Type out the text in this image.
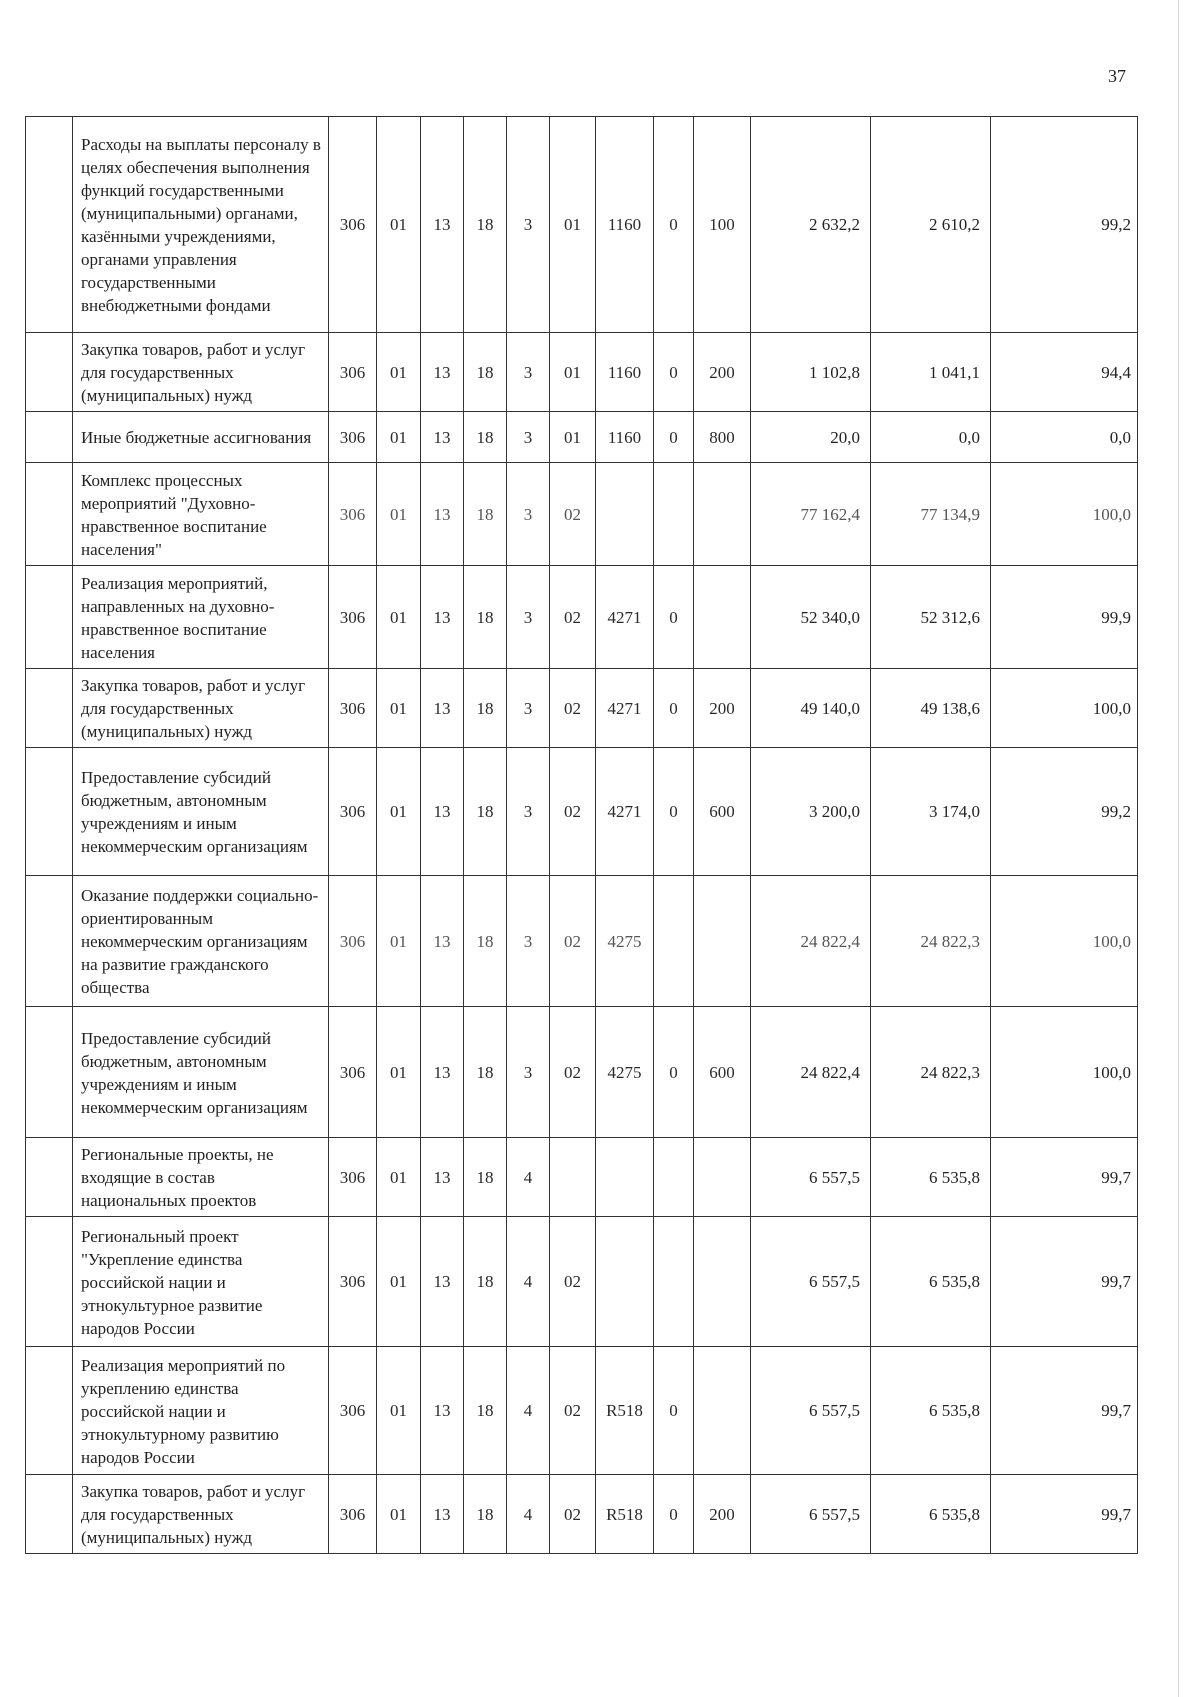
37
	Расходы на выплаты персоналу в целях обеспечения выполнения функций государственными (муниципальными) органами, казёнными учреждениями, органами управления государственными внебюджетными фондами	306	01	13	18	3	01	1160	0	100	2 632,2	2 610,2	99,2
	Закупка товаров, работ и услуг для государственных (муниципальных) нужд	306	01	13	18	3	01	1160	0	200	1 102,8	1 041,1	94,4
	Иные бюджетные ассигнования	306	01	13	18	3	01	1160	0	800	20,0	0,0	0,0
	Комплекс процессных мероприятий "Духовно-нравственное воспитание населения"	306	01	13	18	3	02				77 162,4	77 134,9	100,0
	Реализация мероприятий, направленных на духовно-нравственное воспитание населения	306	01	13	18	3	02	4271	0		52 340,0	52 312,6	99,9
	Закупка товаров, работ и услуг для государственных (муниципальных) нужд	306	01	13	18	3	02	4271	0	200	49 140,0	49 138,6	100,0
	Предоставление субсидий бюджетным, автономным учреждениям и иным некоммерческим организациям	306	01	13	18	3	02	4271	0	600	3 200,0	3 174,0	99,2
	Оказание поддержки социально-ориентированным некоммерческим организациям на развитие гражданского общества	306	01	13	18	3	02	4275			24 822,4	24 822,3	100,0
	Предоставление субсидий бюджетным, автономным учреждениям и иным некоммерческим организациям	306	01	13	18	3	02	4275	0	600	24 822,4	24 822,3	100,0
	Региональные проекты, не входящие в состав национальных проектов	306	01	13	18	4					6 557,5	6 535,8	99,7
	Региональный проект "Укрепление единства российской нации и этнокультурное развитие народов России	306	01	13	18	4	02				6 557,5	6 535,8	99,7
	Реализация мероприятий по укреплению единства российской нации и этнокультурному развитию народов России	306	01	13	18	4	02	R518	0		6 557,5	6 535,8	99,7
	Закупка товаров, работ и услуг для государственных (муниципальных) нужд	306	01	13	18	4	02	R518	0	200	6 557,5	6 535,8	99,7
